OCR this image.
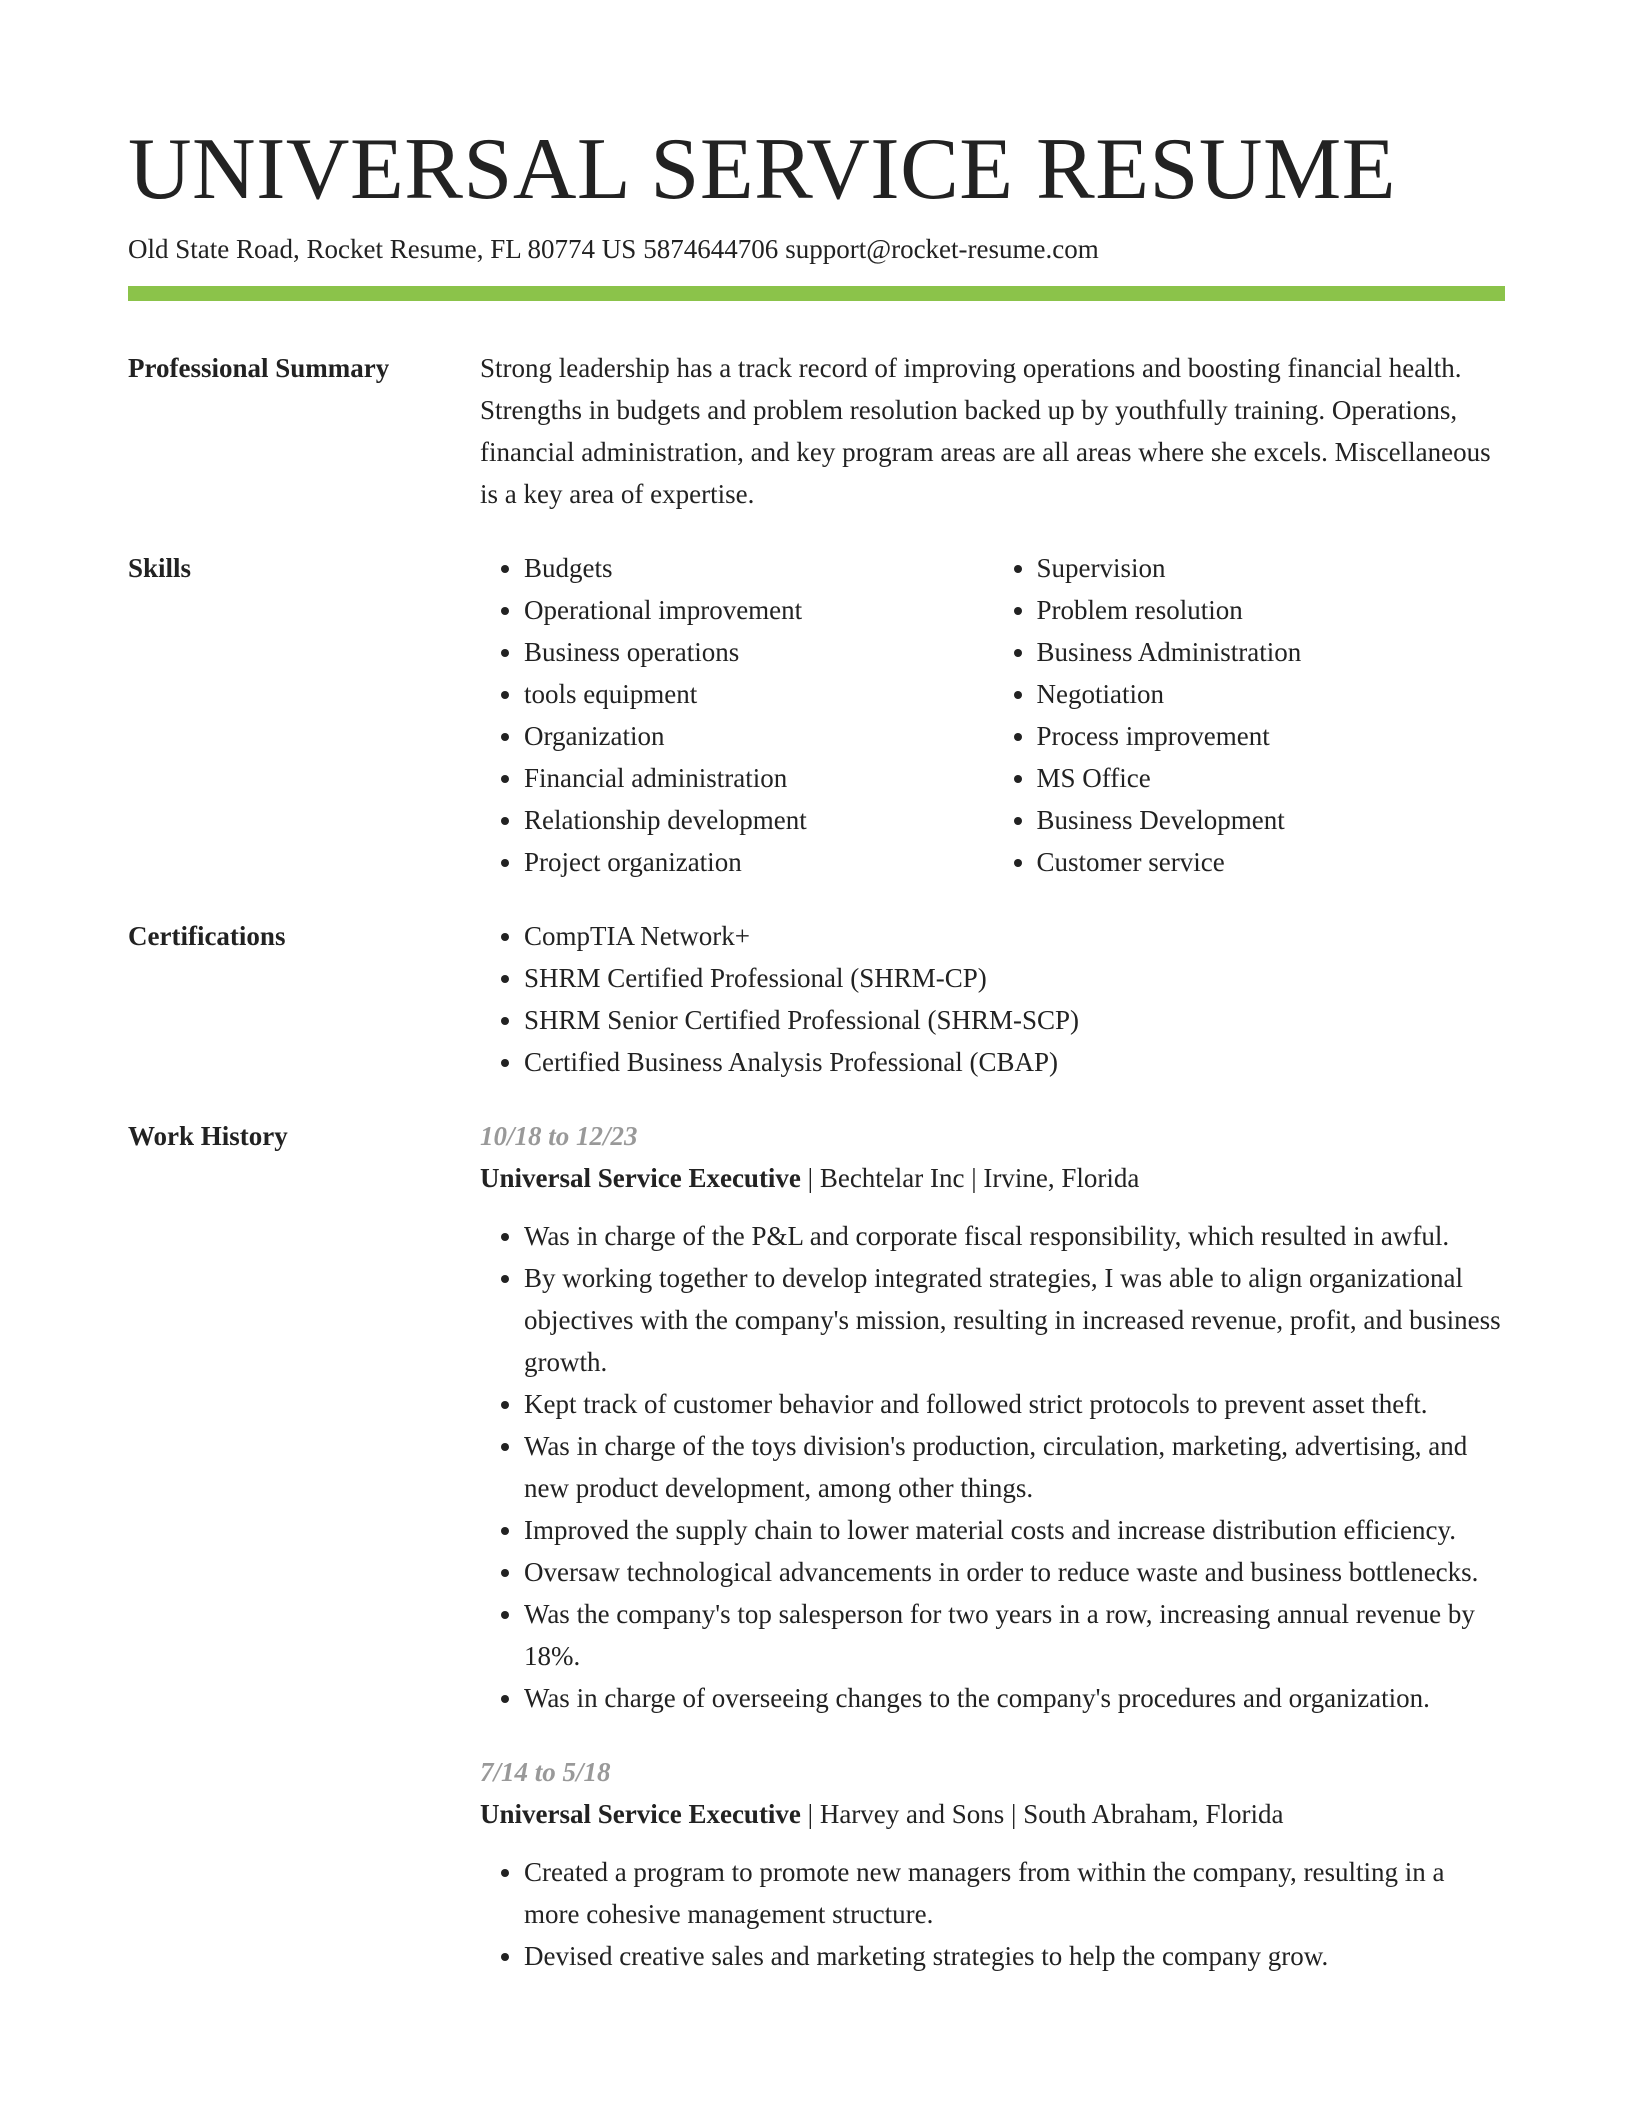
UNIVERSAL SERVICE RESUME
Old State Road, Rocket Resume, FL 80774 US 5874644706 support@rocket-resume.com
Professional Summary	Strong leadership has a track record of improving operations and boosting financial health. Strengths in budgets and problem resolution backed up by youthfully training. Operations, financial administration, and key program areas are all areas where she excels. Miscellaneous is a key area of expertise.

Skills	• Budgets
• Operational improvement
• Business operations
• tools equipment
• Organization
• Financial administration
• Relationship development
• Project organization
• Supervision
• Problem resolution
• Business Administration
• Negotiation
• Process improvement
• MS Office
• Business Development
• Customer service
Certifications	• CompTIA Network+
• SHRM Certified Professional (SHRM-CP)
• SHRM Senior Certified Professional (SHRM-SCP)
• Certified Business Analysis Professional (CBAP)
Work History	10/18 to 12/23
Universal Service Executive | Bechtelar Inc | Irvine, Florida
• Was in charge of the P&L and corporate fiscal responsibility, which resulted in awful.
• By working together to develop integrated strategies, I was able to align organizational objectives with the company's mission, resulting in increased revenue, profit, and business growth.
• Kept track of customer behavior and followed strict protocols to prevent asset theft.
• Was in charge of the toys division's production, circulation, marketing, advertising, and new product development, among other things.
• Improved the supply chain to lower material costs and increase distribution efficiency.
• Oversaw technological advancements in order to reduce waste and business bottlenecks.
• Was the company's top salesperson for two years in a row, increasing annual revenue by 18%.
• Was in charge of overseeing changes to the company's procedures and organization.
7/14 to 5/18
Universal Service Executive | Harvey and Sons | South Abraham, Florida
• Created a program to promote new managers from within the company, resulting in a more cohesive management structure.
• Devised creative sales and marketing strategies to help the company grow.
